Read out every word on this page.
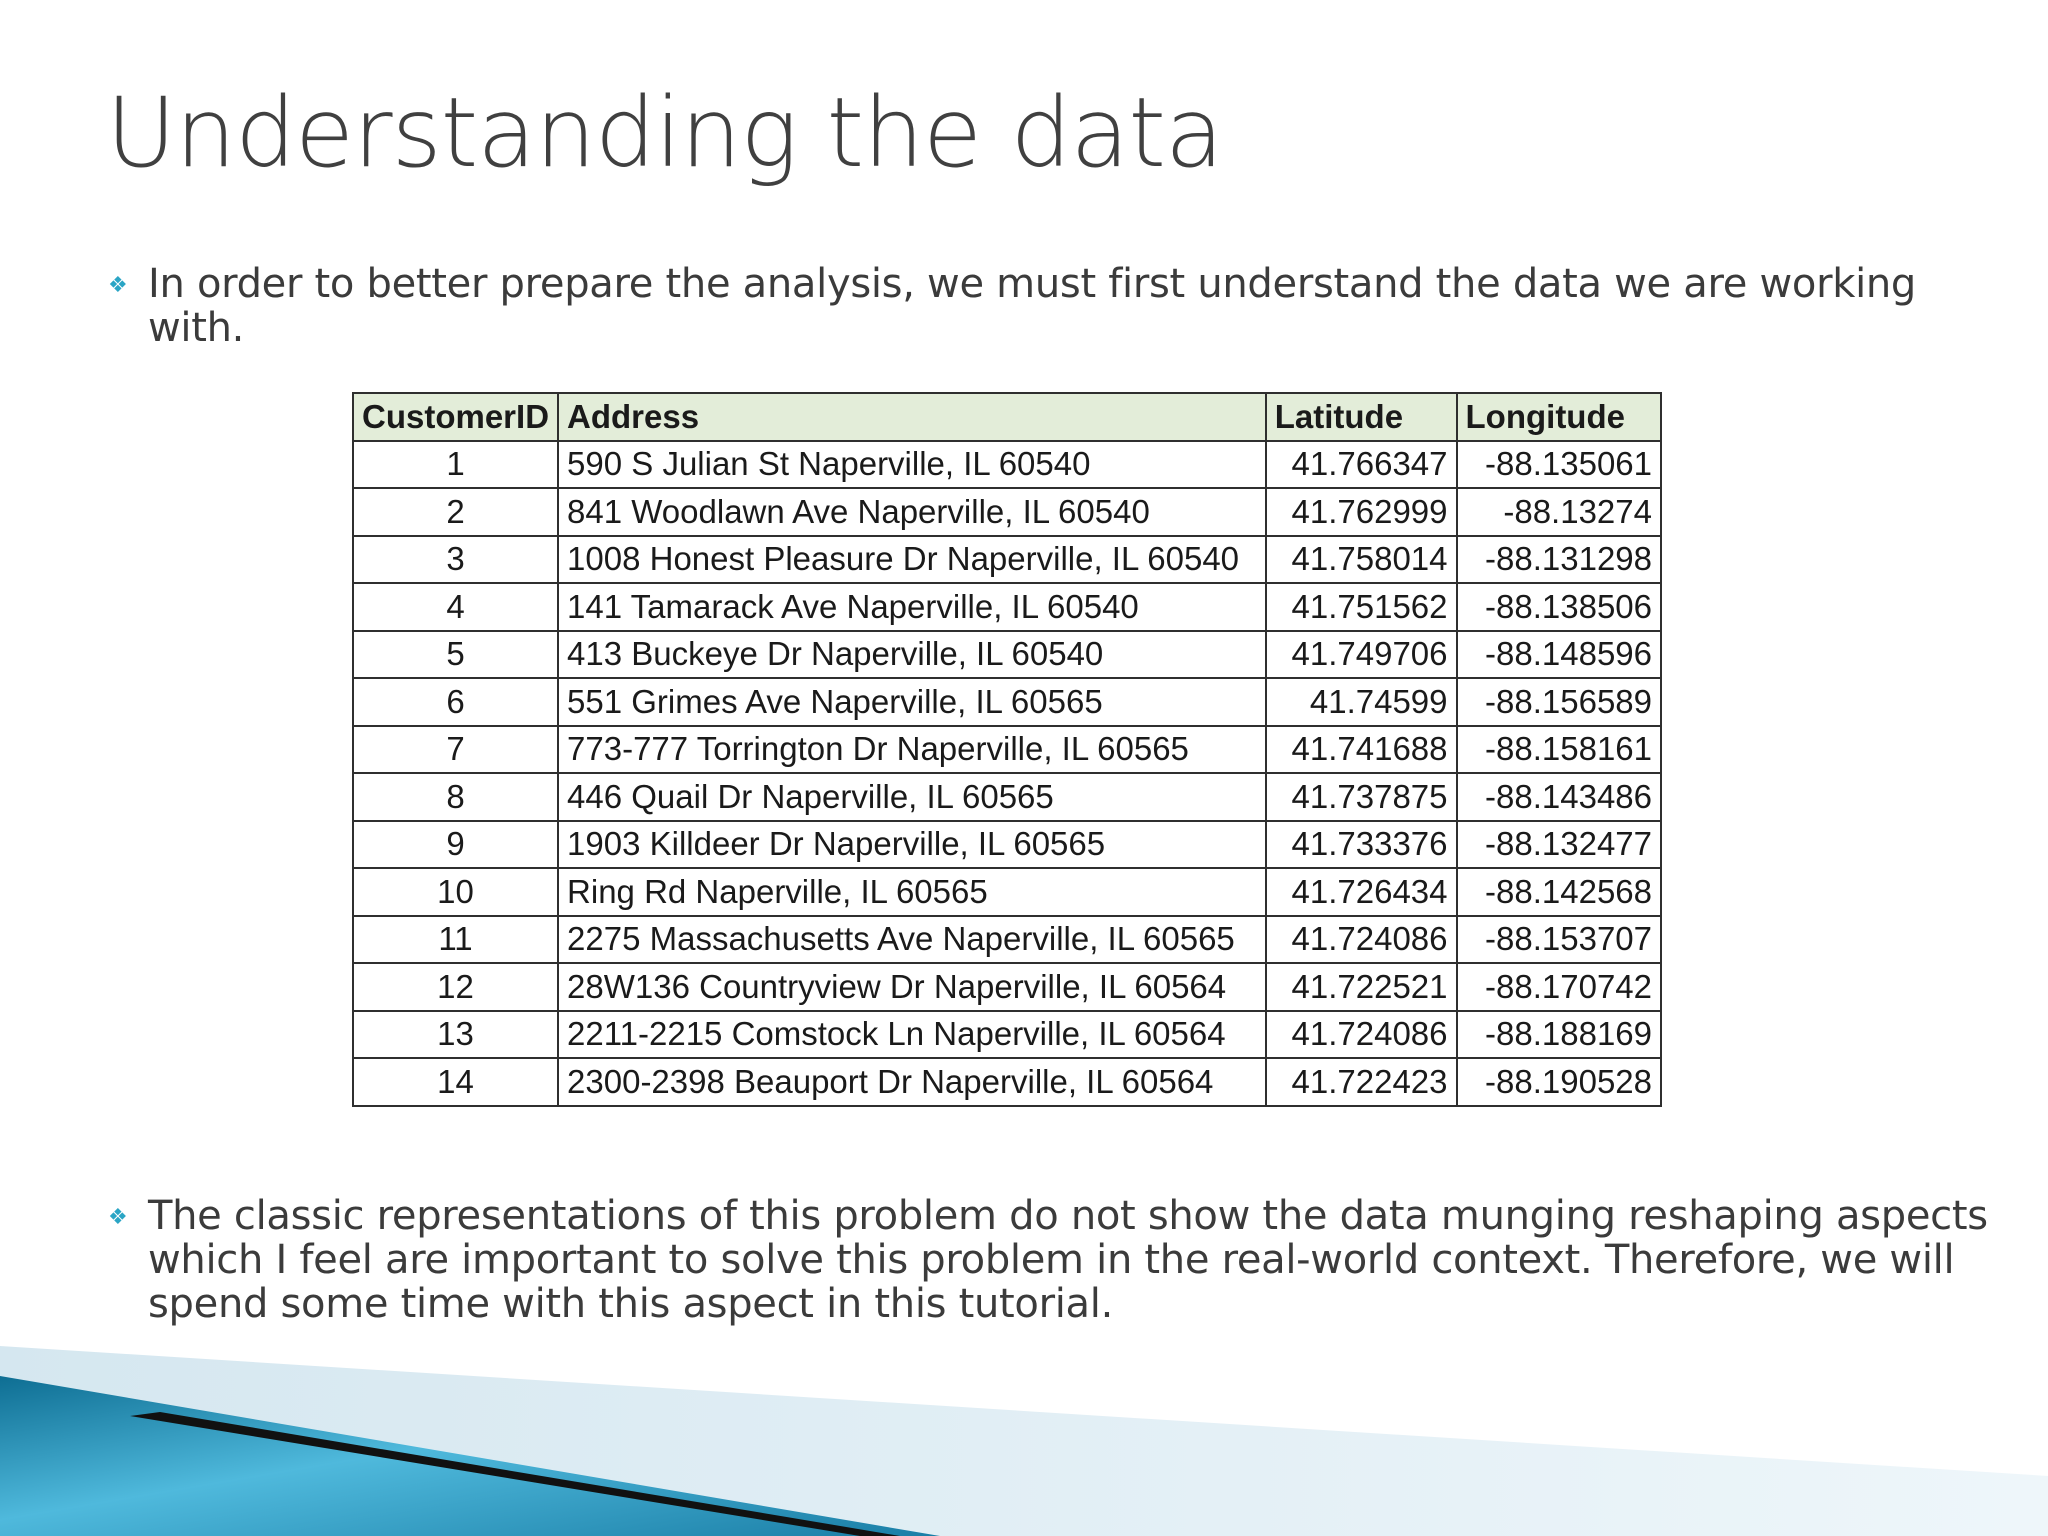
Understanding the data
❖ In order to better prepare the analysis, we must first understand the data we are working with.
CustomerID	Address	Latitude	Longitude
1	590 S Julian St Naperville, IL 60540	41.766347	-88.135061
2	841 Woodlawn Ave Naperville, IL 60540	41.762999	-88.13274
3	1008 Honest Pleasure Dr Naperville, IL 60540	41.758014	-88.131298
4	141 Tamarack Ave Naperville, IL 60540	41.751562	-88.138506
5	413 Buckeye Dr Naperville, IL 60540	41.749706	-88.148596
6	551 Grimes Ave Naperville, IL 60565	41.74599	-88.156589
7	773-777 Torrington Dr Naperville, IL 60565	41.741688	-88.158161
8	446 Quail Dr Naperville, IL 60565	41.737875	-88.143486
9	1903 Killdeer Dr Naperville, IL 60565	41.733376	-88.132477
10	Ring Rd Naperville, IL 60565	41.726434	-88.142568
11	2275 Massachusetts Ave Naperville, IL 60565	41.724086	-88.153707
12	28W136 Countryview Dr Naperville, IL 60564	41.722521	-88.170742
13	2211-2215 Comstock Ln Naperville, IL 60564	41.724086	-88.188169
14	2300-2398 Beauport Dr Naperville, IL 60564	41.722423	-88.190528
❖ The classic representations of this problem do not show the data munging reshaping aspects which I feel are important to solve this problem in the real-world context. Therefore, we will spend some time with this aspect in this tutorial.
